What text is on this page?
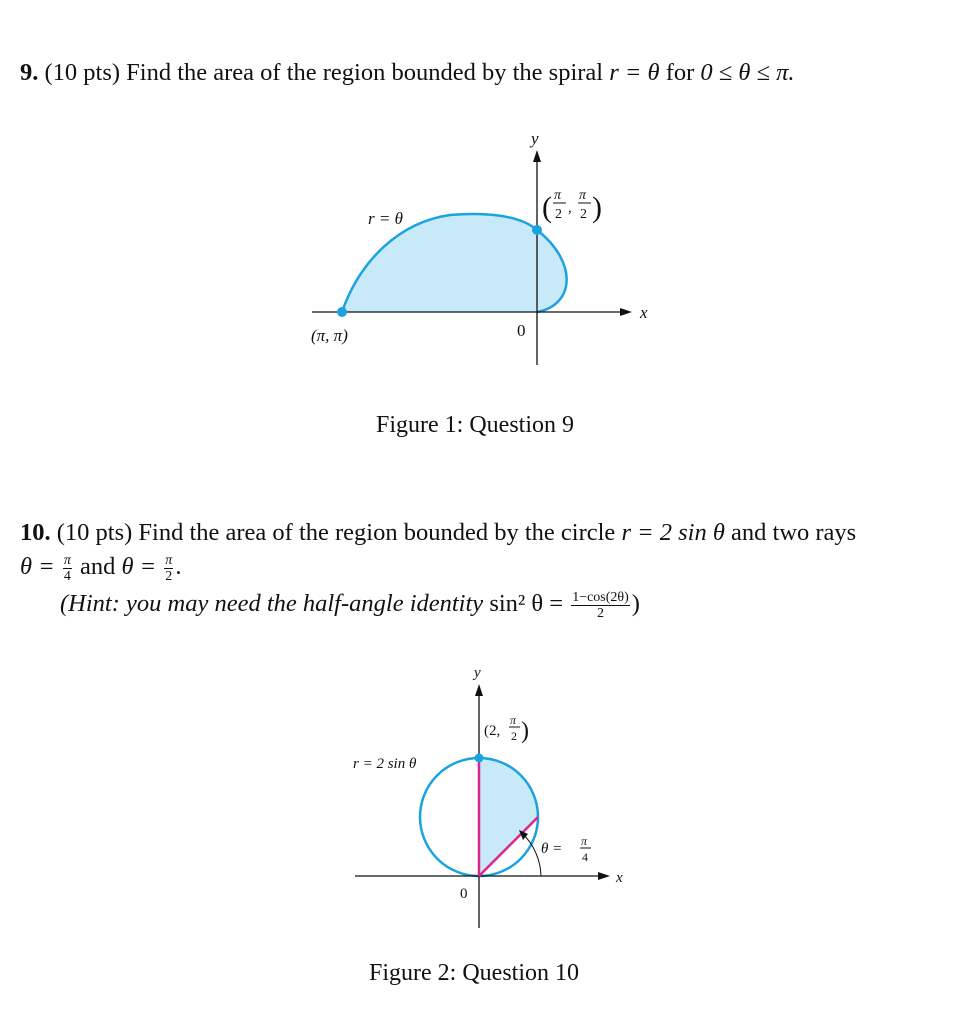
9. (10 pts) Find the area of the region bounded by the spiral r = θ for 0 ≤ θ ≤ π.
y
x
0
r = θ
(π, π)
( π
2 ,
π
2 )
Figure 1: Question 9
10. (10 pts) Find the area of the region bounded by the circle r = 2 sin θ and two rays
$\theta = \frac{\pi}{4}$ and $\theta = \frac{\pi}{2}$ .
(Hint: you may need the half-angle identity sin² $\theta = \frac{1-\cos(2\theta)}{2}$ )
y
x
0
r = 2 sin θ
(2,
π
2 )
θ = π
4
Figure 2: Question 10
